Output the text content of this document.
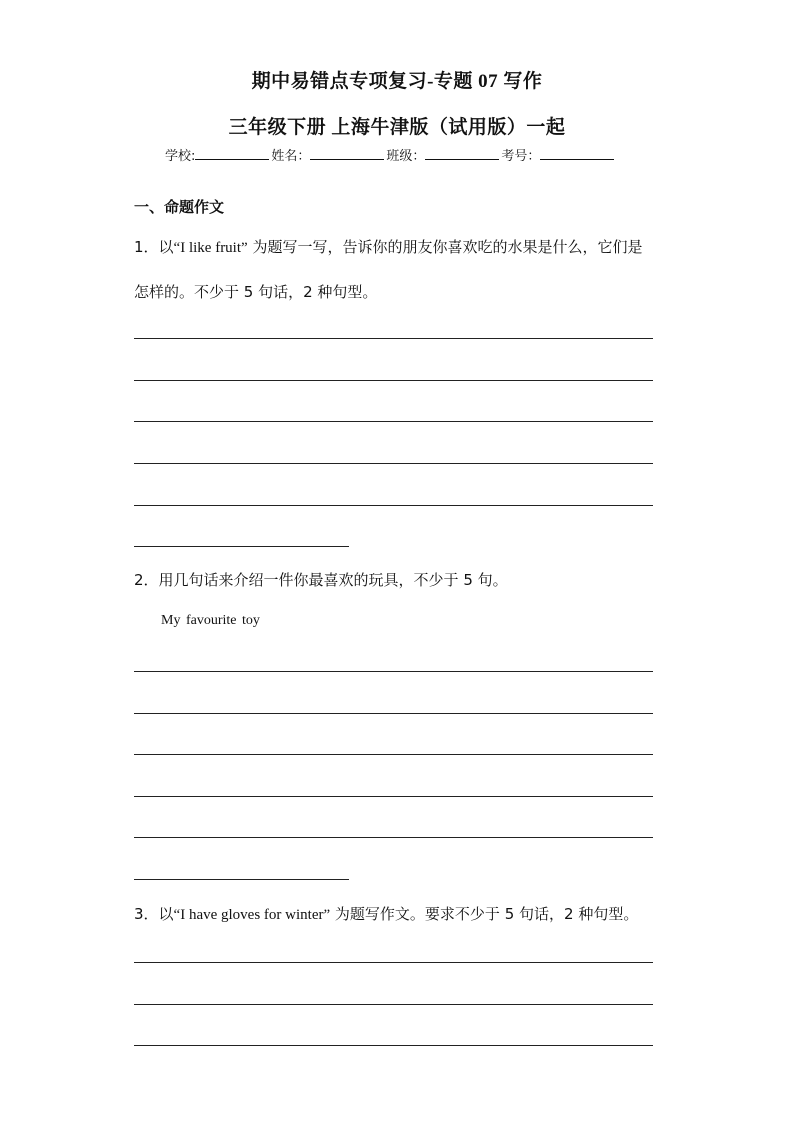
期中易错点专项复习-专题 07 写作
三年级下册 上海牛津版（试用版）一起
学校:	姓名：	班级：	考号：
一、命题作文
1．以“I like fruit” 为题写一写，告诉你的朋友你喜欢吃的水果是什么，它们是
怎样的。不少于 5 句话，2 种句型。
2．用几句话来介绍一件你最喜欢的玩具，不少于 5 句。
My favourite toy
3．以“I have gloves for winter” 为题写作文。要求不少于 5 句话，2 种句型。
